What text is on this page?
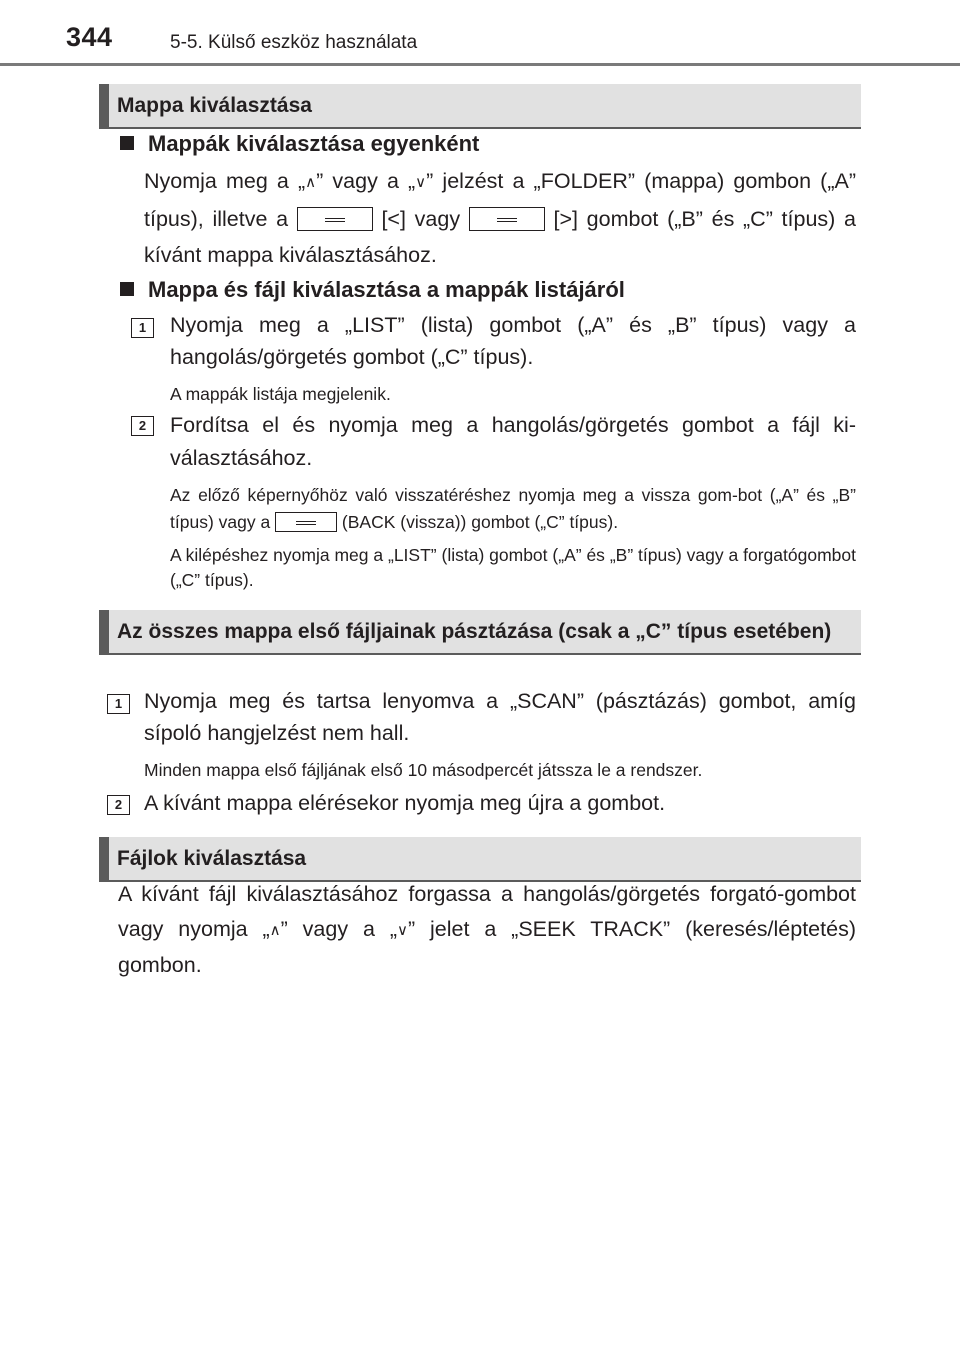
344	5-5. Külső eszköz használata
Mappa kiválasztása
Mappák kiválasztása egyenként
Nyomja meg a „∧” vagy a „∨” jelzést a „FOLDER” (mappa) gombon („A” típus), illetve a	[<] vagy	[>] gombot („B” és „C” típus) a kívánt mappa kiválasztásához.
Mappa és fájl kiválasztása a mappák listájáról
1	Nyomja meg a „LIST” (lista) gombot („A” és „B” típus) vagy a hangolás/görgetés gombot („C” típus).
A mappák listája megjelenik.
2	Fordítsa el és nyomja meg a hangolás/görgetés gombot a fájl ki-választásához.
Az előző képernyőhöz való visszatéréshez nyomja meg a vissza gom-bot („A” és „B” típus) vagy a	(BACK (vissza)) gombot („C” típus).
A kilépéshez nyomja meg a „LIST” (lista) gombot („A” és „B” típus) vagy a forgatógombot („C” típus).
Az összes mappa első fájljainak pásztázása (csak a „C” típus esetében)
1	Nyomja meg és tartsa lenyomva a „SCAN” (pásztázás) gombot, amíg sípoló hangjelzést nem hall.
Minden mappa első fájljának első 10 másodpercét játssza le a rendszer.
2	A kívánt mappa elérésekor nyomja meg újra a gombot.
Fájlok kiválasztása
A kívánt fájl kiválasztásához forgassa a hangolás/görgetés forgató-gombot vagy nyomja „∧” vagy a „∨” jelet a „SEEK TRACK” (keresés/léptetés) gombon.
